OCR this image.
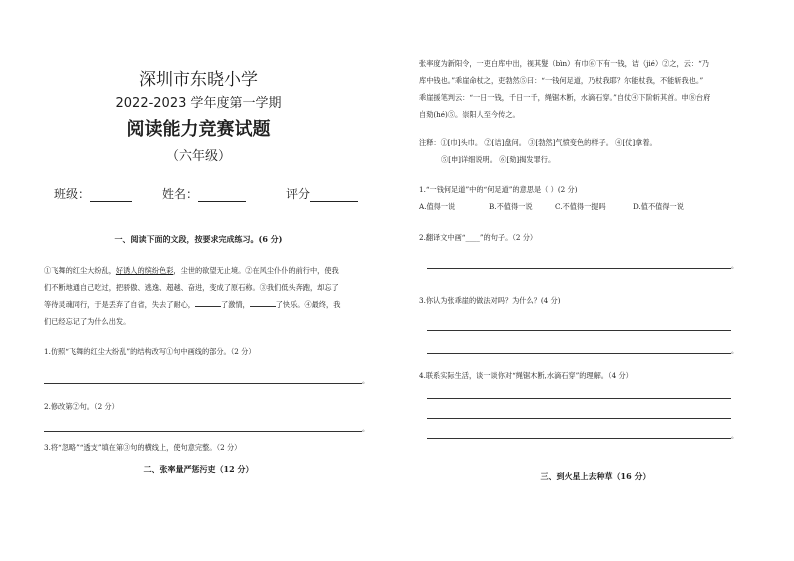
深圳市东晓小学
2022-2023 学年度第一学期
阅读能力竞赛试题
（六年级）
班级：	姓名：	评分
一、阅读下面的文段，按要求完成练习。(6 分)
①飞舞的红尘大纷乱，好诱人的缤纷色彩，尘世的欲望无止境。②在风尘仆仆的前行中，使我
们不断地通自己吃过，把骄傲、逃逸、超越、奋进，变成了原石称。③我们低头奔跑，却忘了
等待灵魂同行，于是丢弃了自省，失去了耐心，	了激情，	了快乐。④最终，我
们已经忘记了为什么出发。
1.仿照“飞舞的红尘大纷乱”的结构改写①句中画线的部分。（2 分）
。
2.修改第②句。（2 分）
。
3.将“忽略”“透支”填在第③句的横线上，使句意完整。（2 分）
二、张率量严惩污吏（12 分）
张率度为新阳令，一吏白库中出，视其髮（bìn）有巾⑥下有一钱，诘（jié）②之，云：“乃
库中钱也。”乖崖命杖之，吏勃然⑤曰：“一钱何足道，乃杖我耶？尔能杖我，不能斩我也。”
乖崖援笔判云：“一日一钱，千日一千，绳锯木断，水滴石穿。”自仗④下阶斩其首。申⑧台府
自劾(hé)⑤。崇阳人至今传之。
注释：①[巾]头巾。 ②[诘]盘问。 ③[勃然]气愤变色的样子。 ④[仗]拿着。
⑤[申]详细说明。 ⑥[劾]揭发罪行。
1.“一钱何足道”中的“何足道”的意思是（ ）(2 分)
A.值得一说	B.不值得一说	C.不值得一提吗	D.值不值得一说
2.翻译文中画“____”的句子。（2 分）
。
3.你认为张乖崖的做法对吗？为什么？(4 分)
。
4.联系实际生活，谈一谈你对“绳锯木断,水滴石穿”的理解。（4 分）
。
三、到火星上去种草（16 分）
